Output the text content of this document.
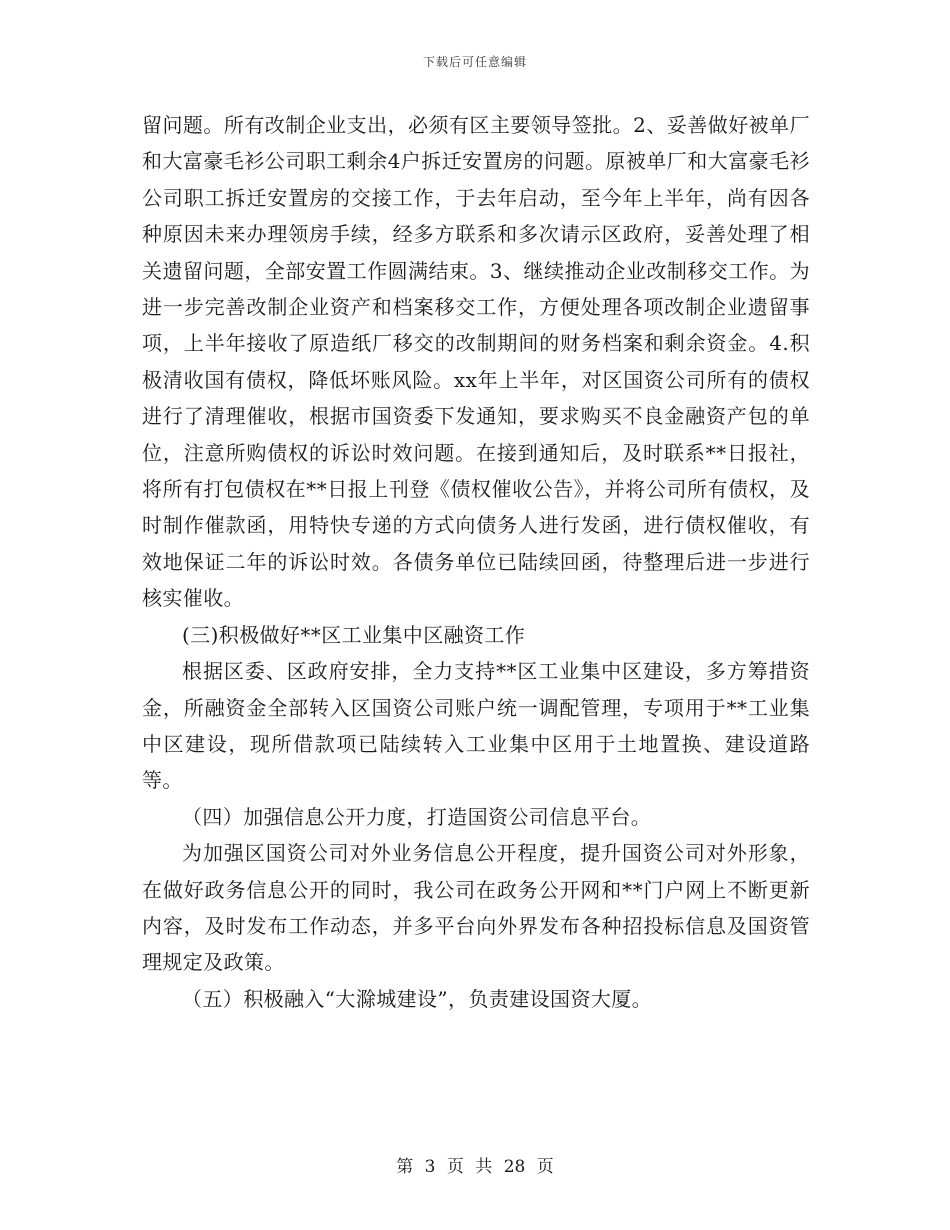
下载后可任意编辑

留问题。所有改制企业支出，必须有区主要领导签批。2、妥善做好被单厂和大富豪毛衫公司职工剩余4户拆迁安置房的问题。原被单厂和大富豪毛衫公司职工拆迁安置房的交接工作，于去年启动，至今年上半年，尚有因各种原因未来办理领房手续，经多方联系和多次请示区政府，妥善处理了相关遗留问题，全部安置工作圆满结束。3、继续推动企业改制移交工作。为进一步完善改制企业资产和档案移交工作，方便处理各项改制企业遗留事项，上半年接收了原造纸厂移交的改制期间的财务档案和剩余资金。4.积极清收国有债权，降低坏账风险。xx年上半年，对区国资公司所有的债权进行了清理催收，根据市国资委下发通知，要求购买不良金融资产包的单位，注意所购债权的诉讼时效问题。在接到通知后，及时联系**日报社，将所有打包债权在**日报上刊登《债权催收公告》，并将公司所有债权，及时制作催款函，用特快专递的方式向债务人进行发函，进行债权催收，有效地保证二年的诉讼时效。各债务单位已陆续回函，待整理后进一步进行核实催收。

(三)积极做好**区工业集中区融资工作

根据区委、区政府安排，全力支持**区工业集中区建设，多方筹措资金，所融资金全部转入区国资公司账户统一调配管理，专项用于**工业集中区建设，现所借款项已陆续转入工业集中区用于土地置换、建设道路等。

（四）加强信息公开力度，打造国资公司信息平台。

为加强区国资公司对外业务信息公开程度，提升国资公司对外形象，在做好政务信息公开的同时，我公司在政务公开网和**门户网上不断更新内容，及时发布工作动态，并多平台向外界发布各种招投标信息及国资管理规定及政策。

（五）积极融入“大滁城建设”，负责建设国资大厦。

第 3 页 共 28 页
